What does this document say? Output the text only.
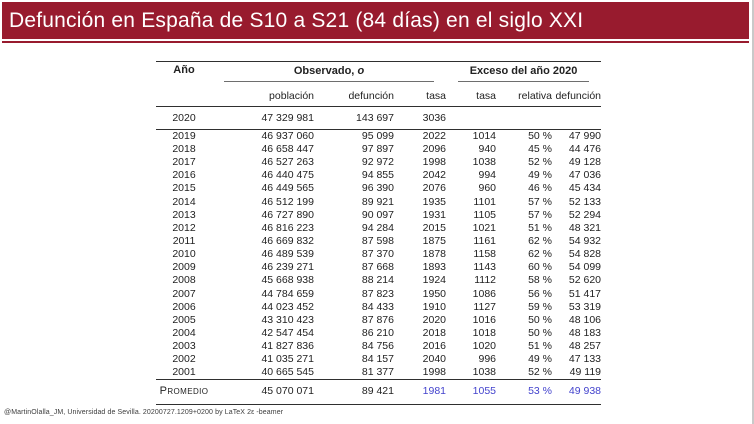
Defunción en España de S10 a S21 (84 días) en el siglo XXI
Año	Observado, o			Exceso del año 2020		

	población	defunción	tasa	tasa	relativa	defunción
2020	47 329 981	143 697	3036			
2019	46 937 060	95 099	2022	1014	50 %	47 990
2018	46 658 447	97 897	2096	940	45 %	44 476
2017	46 527 263	92 972	1998	1038	52 %	49 128
2016	46 440 475	94 855	2042	994	49 %	47 036
2015	46 449 565	96 390	2076	960	46 %	45 434
2014	46 512 199	89 921	1935	1101	57 %	52 133
2013	46 727 890	90 097	1931	1105	57 %	52 294
2012	46 816 223	94 284	2015	1021	51 %	48 321
2011	46 669 832	87 598	1875	1161	62 %	54 932
2010	46 489 539	87 370	1878	1158	62 %	54 828
2009	46 239 271	87 668	1893	1143	60 %	54 099
2008	45 668 938	88 214	1924	1112	58 %	52 620
2007	44 784 659	87 823	1950	1086	56 %	51 417
2006	44 023 452	84 433	1910	1127	59 %	53 319
2005	43 310 423	87 876	2020	1016	50 %	48 106
2004	42 547 454	86 210	2018	1018	50 %	48 183
2003	41 827 836	84 756	2016	1020	51 %	48 257
2002	41 035 271	84 157	2040	996	49 %	47 133
2001	40 665 545	81 377	1998	1038	52 %	49 119
Promedio	45 070 071	89 421	1981	1055	53 %	49 938
@MartinOlalla_JM, Universidad de Sevilla. 20200727.1209+0200 by LaTeX 2ε -beamer
